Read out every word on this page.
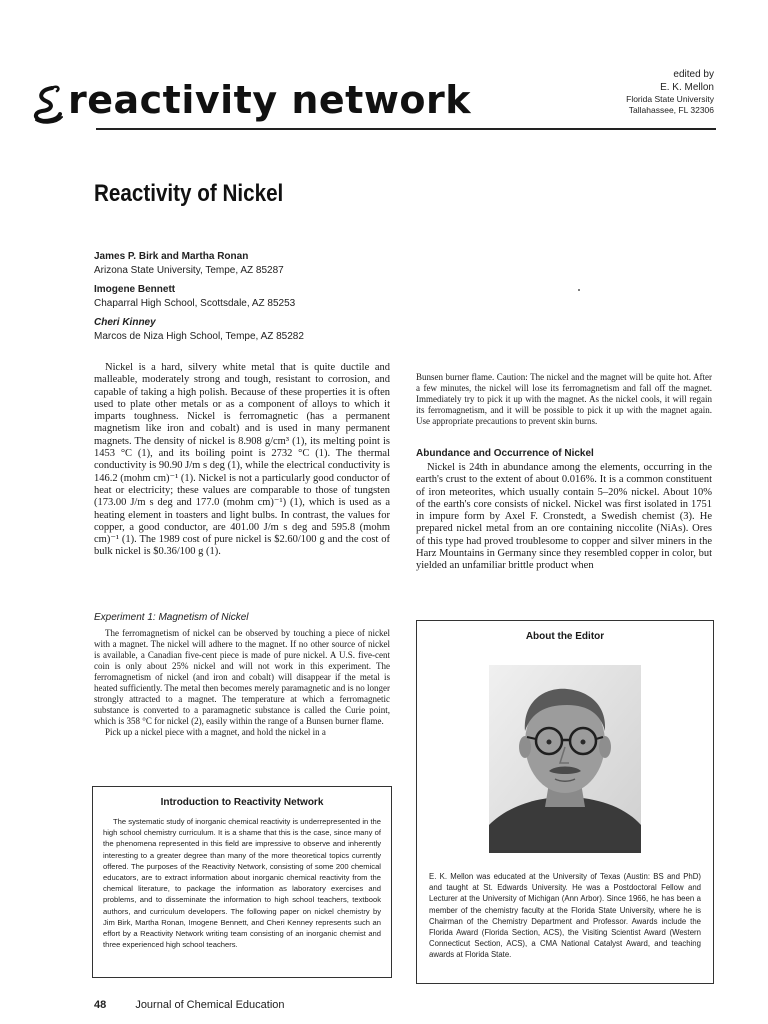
reactivity network
edited by
E. K. Mellon
Florida State University
Tallahassee, FL 32306
Reactivity of Nickel
James P. Birk and Martha Ronan
Arizona State University, Tempe, AZ 85287
Imogene Bennett
Chaparral High School, Scottsdale, AZ 85253
Cheri Kinney
Marcos de Niza High School, Tempe, AZ 85282

Nickel is a hard, silvery white metal that is quite ductile and malleable, moderately strong and tough, resistant to corrosion, and capable of taking a high polish. Because of these properties it is often used to plate other metals or as a component of alloys to which it imparts toughness. Nickel is ferromagnetic (has a permanent magnetism like iron and cobalt) and is used in many permanent magnets. The density of nickel is 8.908 g/cm³ (1), its melting point is 1453 °C (1), and its boiling point is 2732 °C (1). The thermal conductivity is 90.90 J/m s deg (1), while the electrical conductivity is 146.2 (mohm cm)⁻¹ (1). Nickel is not a particularly good conductor of heat or electricity; these values are comparable to those of tungsten (173.00 J/m s deg and 177.0 (mohm cm)⁻¹) (1), which is used as a heating element in toasters and light bulbs. In contrast, the values for copper, a good conductor, are 401.00 J/m s deg and 595.8 (mohm cm)⁻¹ (1). The 1989 cost of pure nickel is $2.60/100 g and the cost of bulk nickel is $0.36/100 g (1).

Experiment 1: Magnetism of Nickel

The ferromagnetism of nickel can be observed by touching a piece of nickel with a magnet. The nickel will adhere to the magnet. If no other source of nickel is available, a Canadian five-cent piece is made of pure nickel. A U.S. five-cent coin is only about 25% nickel and will not work in this experiment. The ferromagnetism of nickel (and iron and cobalt) will disappear if the metal is heated sufficiently. The metal then becomes merely paramagnetic and is no longer strongly attracted to a magnet. The temperature at which a ferromagnetic substance is converted to a paramagnetic substance is called the Curie point, which is 358 °C for nickel (2), easily within the range of a Bunsen burner flame.

Pick up a nickel piece with a magnet, and hold the nickel in a

Bunsen burner flame. Caution: The nickel and the magnet will be quite hot. After a few minutes, the nickel will lose its ferromagnetism and fall off the magnet. Immediately try to pick it up with the magnet. As the nickel cools, it will regain its ferromagnetism, and it will be possible to pick it up with the magnet again. Use appropriate precautions to prevent skin burns.

Abundance and Occurrence of Nickel

Nickel is 24th in abundance among the elements, occurring in the earth's crust to the extent of about 0.016%. It is a common constituent of iron meteorites, which usually contain 5–20% nickel. About 10% of the earth's core consists of nickel. Nickel was first isolated in 1751 in impure form by Axel F. Cronstedt, a Swedish chemist (3). He prepared nickel metal from an ore containing niccolite (NiAs). Ores of this type had proved troublesome to copper and silver miners in the Harz Mountains in Germany since they resembled copper in color, but yielded an unfamiliar brittle product when

Introduction to Reactivity Network
The systematic study of inorganic chemical reactivity is underrepresented in the high school chemistry curriculum. It is a shame that this is the case, since many of the phenomena represented in this field are impressive to observe and inherently interesting to a greater degree than many of the more theoretical topics currently offered. The purposes of the Reactivity Network, consisting of some 200 chemical educators, are to extract information about inorganic chemical reactivity from the chemical literature, to package the information as laboratory exercises and problems, and to disseminate the information to high school teachers, textbook authors, and curriculum developers. The following paper on nickel chemistry by Jim Birk, Martha Ronan, Imogene Bennett, and Cheri Kenney represents such an effort by a Reactivity Network writing team consisting of an inorganic chemist and three experienced high school teachers.
About the Editor
E. K. Mellon was educated at the University of Texas (Austin: BS and PhD) and taught at St. Edwards University. He was a Postdoctoral Fellow and Lecturer at the University of Michigan (Ann Arbor). Since 1966, he has been a member of the chemistry faculty at the Florida State University, where he is Chairman of the Chemistry Department and Professor. Awards include the Florida Award (Florida Section, ACS), the Visiting Scientist Award (Western Connecticut Section, ACS), a CMA National Catalyst Award, and teaching awards at Florida State.
48	Journal of Chemical Education
